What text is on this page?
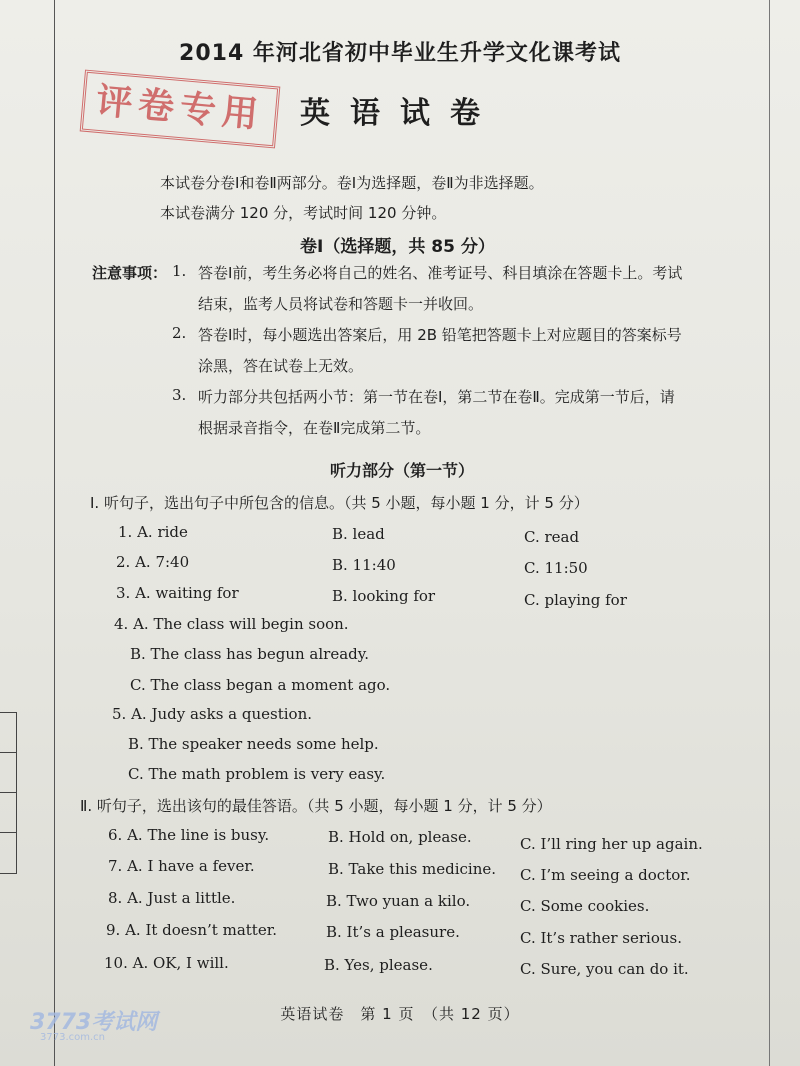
2014 年河北省初中毕业生升学文化课考试
评卷专用	英语试卷
本试卷分卷Ⅰ和卷Ⅱ两部分。卷Ⅰ为选择题，卷Ⅱ为非选择题。
本试卷满分 120 分，考试时间 120 分钟。
卷Ⅰ（选择题，共 85 分）
注意事项： 1. 答卷Ⅰ前，考生务必将自己的姓名、准考证号、科目填涂在答题卡上。考试
结束，监考人员将试卷和答题卡一并收回。
2. 答卷Ⅰ时，每小题选出答案后，用 2B 铅笔把答题卡上对应题目的答案标号
涂黑，答在试卷上无效。
3. 听力部分共包括两小节：第一节在卷Ⅰ，第二节在卷Ⅱ。完成第一节后，请
根据录音指令，在卷Ⅱ完成第二节。
听力部分（第一节）
Ⅰ. 听句子，选出句子中所包含的信息。（共 5 小题，每小题 1 分，计 5 分）
1. A. ride	B. lead	C. read
2. A. 7:40	B. 11:40	C. 11:50
3. A. waiting for	B. looking for	C. playing for
4. A. The class will begin soon.
B. The class has begun already.
C. The class began a moment ago.
5. A. Judy asks a question.
B. The speaker needs some help.
C. The math problem is very easy.
Ⅱ. 听句子，选出该句的最佳答语。（共 5 小题，每小题 1 分，计 5 分）
6. A. The line is busy.	B. Hold on, please.	C. I’ll ring her up again.
7. A. I have a fever.	B. Take this medicine. C. I’m seeing a doctor.
8. A. Just a little.	B. Two yuan a kilo.	C. Some cookies.
9. A. It doesn’t matter.	B. It’s a pleasure.	C. It’s rather serious.
10. A. OK, I will.	B. Yes, please.	C. Sure, you can do it.
英语试卷　第 1 页　（共 12 页）
3773考试网
3773.com.cn
